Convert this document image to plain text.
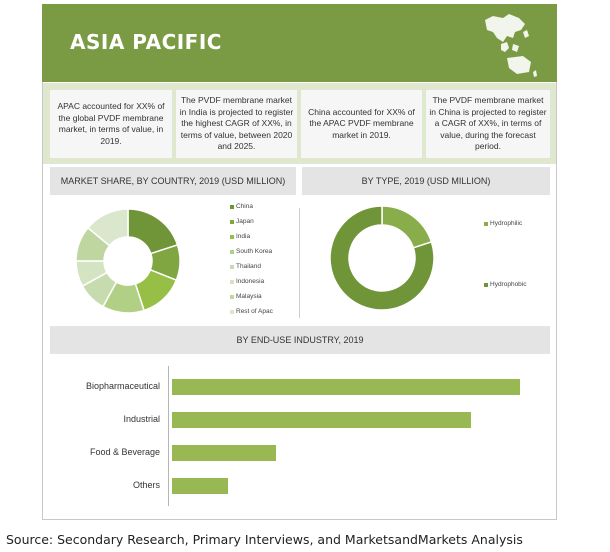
ASIA PACIFIC
APAC accounted for XX% of the global PVDF membrane market, in terms of value, in 2019.
The PVDF membrane market in India is projected to register the highest CAGR of XX%, in terms of value, between 2020 and 2025.
China accounted for XX% of the APAC PVDF membrane market in 2019.
The PVDF membrane market in China is projected to register a CAGR of XX%, in terms of value, during the forecast period.
MARKET SHARE, BY COUNTRY, 2019 (USD MILLION)	BY TYPE, 2019 (USD MILLION)
China
Japan
India
South Korea
Thailand
Indonesia
Malaysia
Rest of Apac
Hydrophilic
Hydrophobic
BY END-USE INDUSTRY, 2019
Biopharmaceutical
Industrial
Food & Beverage
Others
Source: Secondary Research, Primary Interviews, and MarketsandMarkets Analysis
